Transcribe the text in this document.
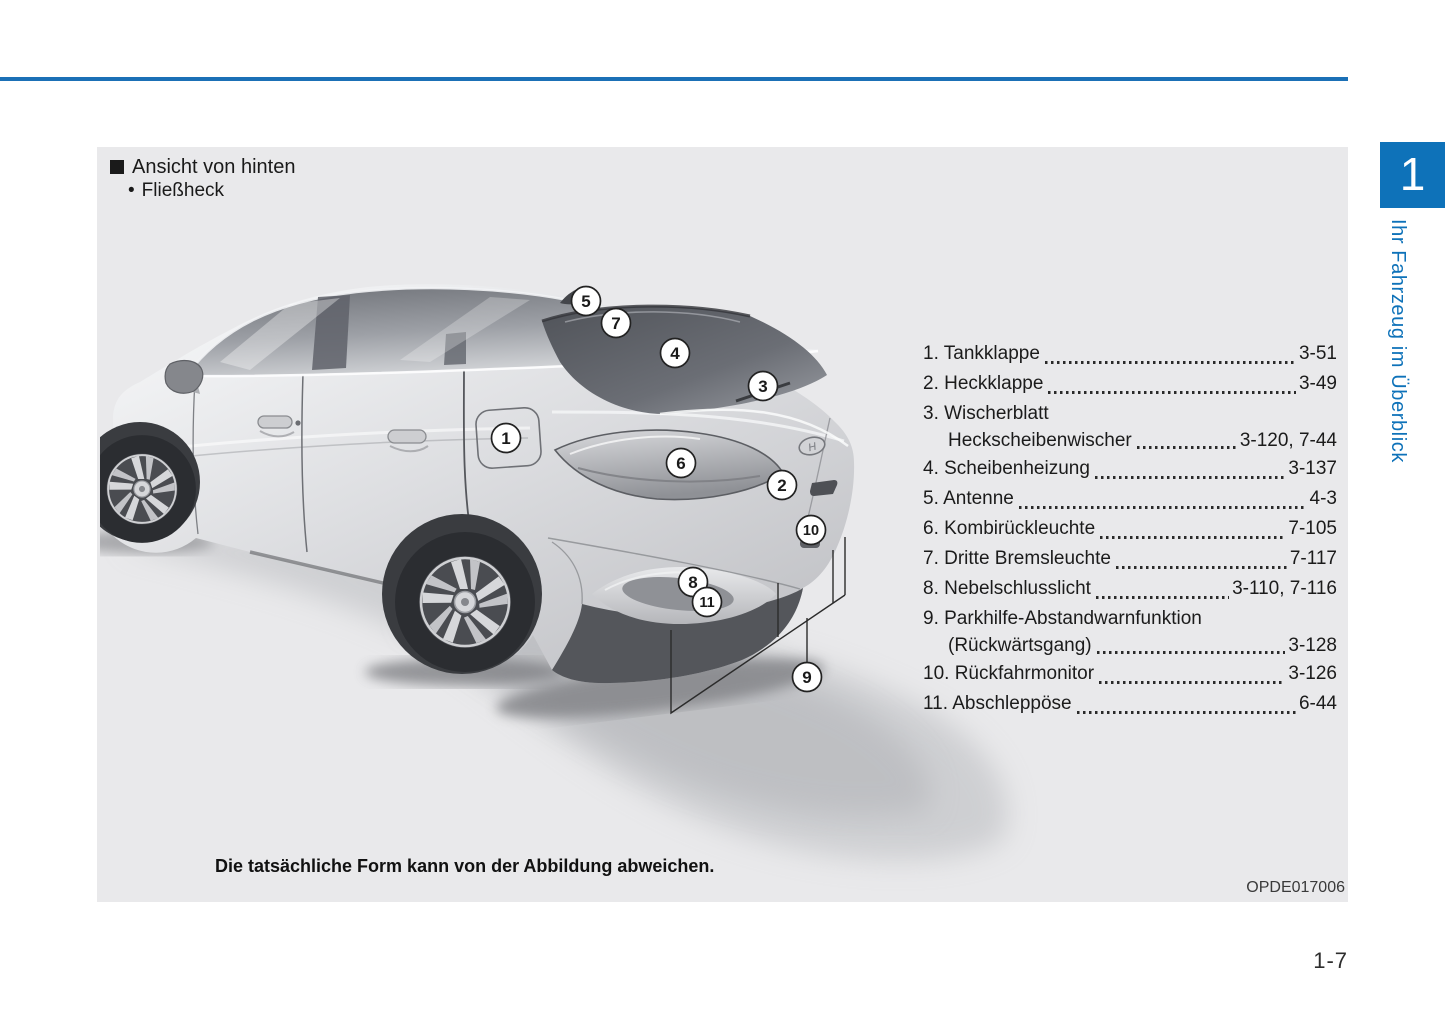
1
Ihr Fahrzeug im Überblick
Ansicht von hinten
• Fließheck
H
1
2
3
4
5
6
7
8
9
10
11
1. Tankklappe	3-51
2. Heckklappe	3-49
3. Wischerblatt
Heckscheibenwischer	3-120, 7-44
4. Scheibenheizung	3-137
5. Antenne	4-3
6. Kombirückleuchte	7-105
7. Dritte Bremsleuchte	7-117
8. Nebelschlusslicht	3-110, 7-116
9. Parkhilfe-Abstandwarnfunktion
(Rückwärtsgang)	3-128
10. Rückfahrmonitor	3-126
11. Abschleppöse	6-44
Die tatsächliche Form kann von der Abbildung abweichen.
OPDE017006
1-7
